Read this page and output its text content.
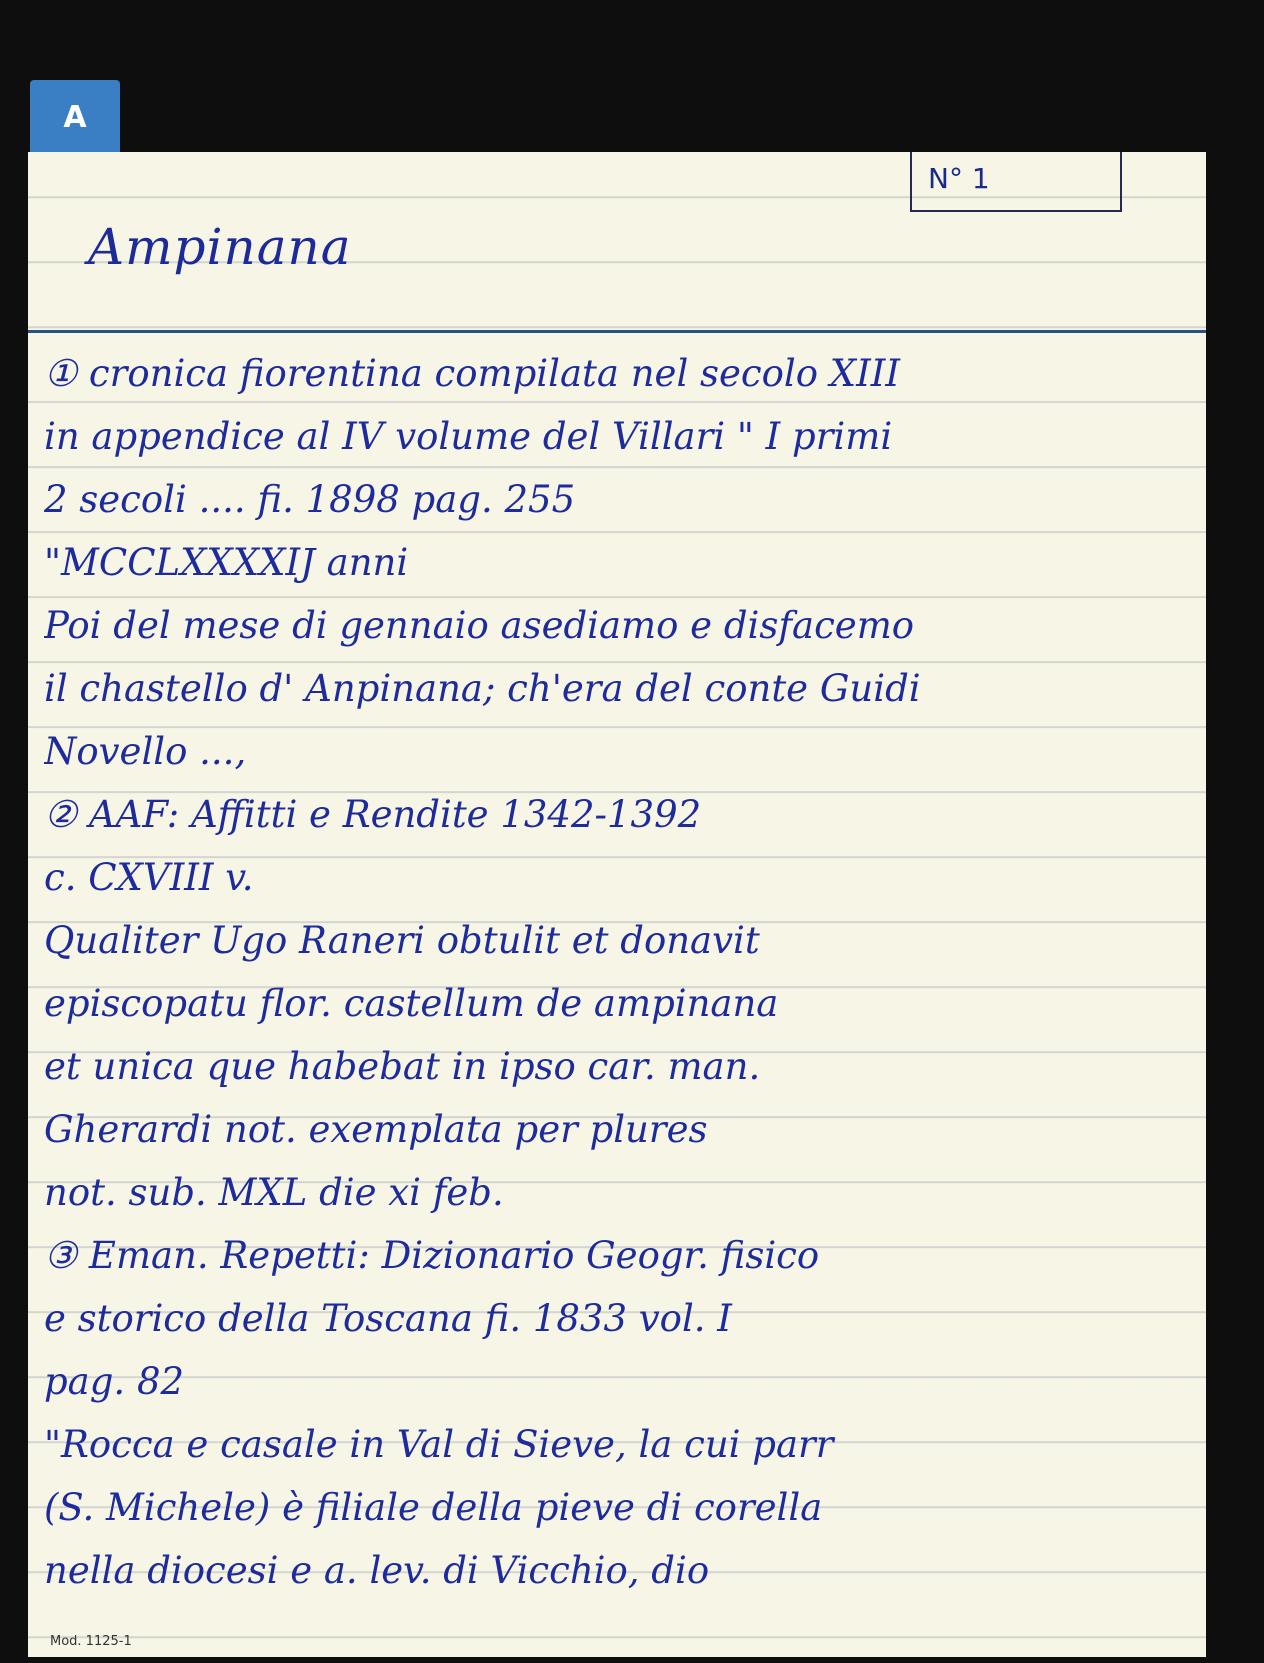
A
N° 1
Ampinana
① cronica fiorentina compilata nel secolo XIII
in appendice al IV volume del Villari " I primi
2 secoli .... fi. 1898 pag. 255
"MCCLXXXXIJ anni
Poi del mese di gennaio asediamo e disfacemo
il chastello d' Anpinana; ch'era del conte Guidi
Novello ...,
② AAF: Affitti e Rendite 1342-1392
c. CXVIII v.
Qualiter Ugo Raneri obtulit et donavit
episcopatu flor. castellum de ampinana
et unica que habebat in ipso car. man.
Gherardi not. exemplata per plures
not. sub. MXL die xi feb.
③ Eman. Repetti: Dizionario Geogr. fisico
e storico della Toscana fi. 1833 vol. I
pag. 82
"Rocca e casale in Val di Sieve, la cui parr
(S. Michele) è filiale della pieve di corella
nella diocesi e a. lev. di Vicchio, dio
Mod. 1125-1
